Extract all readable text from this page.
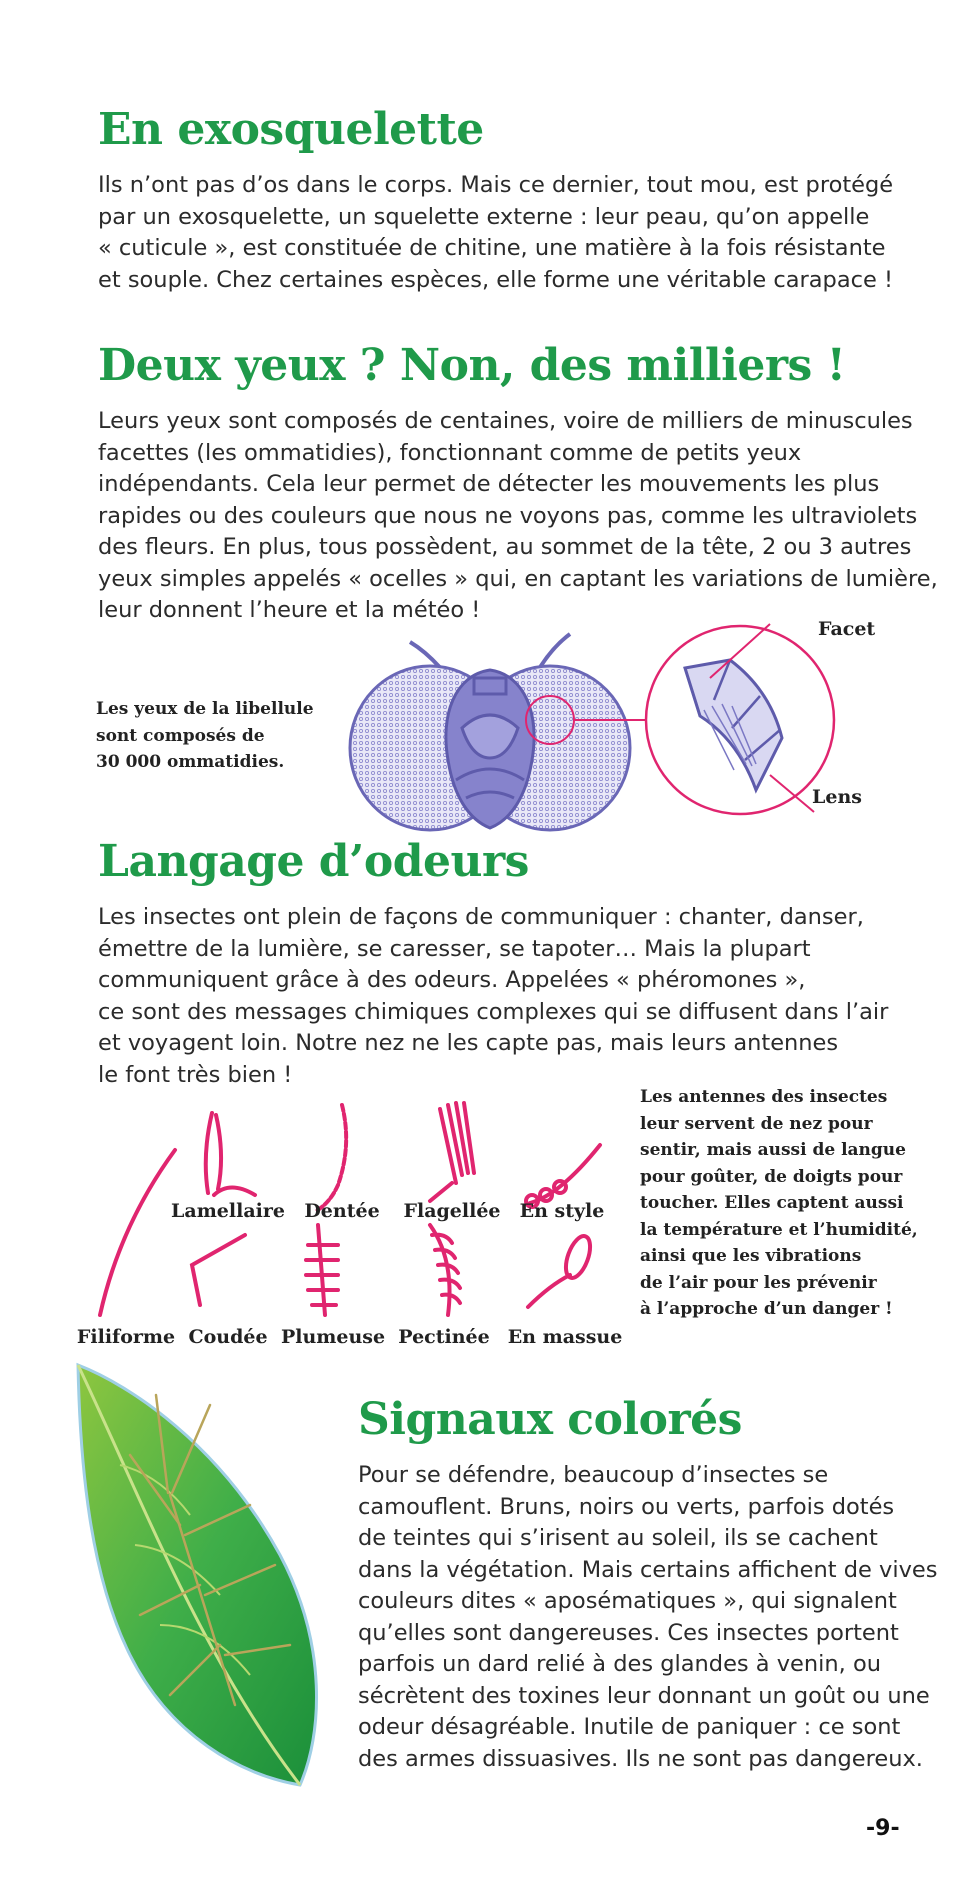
En exosquelette
Ils n’ont pas d’os dans le corps. Mais ce dernier, tout mou, est protégé
par un exosquelette, un squelette externe : leur peau, qu’on appelle
« cuticule », est constituée de chitine, une matière à la fois résistante
et souple. Chez certaines espèces, elle forme une véritable carapace !
Deux yeux ? Non, des milliers !
Leurs yeux sont composés de centaines, voire de milliers de minuscules
facettes (les ommatidies), fonctionnant comme de petits yeux
indépendants. Cela leur permet de détecter les mouvements les plus
rapides ou des couleurs que nous ne voyons pas, comme les ultraviolets
des fleurs. En plus, tous possèdent, au sommet de la tête, 2 ou 3 autres
yeux simples appelés « ocelles » qui, en captant les variations de lumière,
leur donnent l’heure et la météo !
Les yeux de la libellule
sont composés de
30 000 ommatidies.
Facet
Lens
Langage d’odeurs
Les insectes ont plein de façons de communiquer : chanter, danser,
émettre de la lumière, se caresser, se tapoter… Mais la plupart
communiquent grâce à des odeurs. Appelées « phéromones »,
ce sont des messages chimiques complexes qui se diffusent dans l’air
et voyagent loin. Notre nez ne les capte pas, mais leurs antennes
le font très bien !
Lamellaire Dentée Flagellée En style
Filiforme Coudée Plumeuse Pectinée En massue
Les antennes des insectes
leur servent de nez pour
sentir, mais aussi de langue
pour goûter, de doigts pour
toucher. Elles captent aussi
la température et l’humidité,
ainsi que les vibrations
de l’air pour les prévenir
à l’approche d’un danger !
Signaux colorés
Pour se défendre, beaucoup d’insectes se
camouflent. Bruns, noirs ou verts, parfois dotés
de teintes qui s’irisent au soleil, ils se cachent
dans la végétation. Mais certains affichent de vives
couleurs dites « aposématiques », qui signalent
qu’elles sont dangereuses. Ces insectes portent
parfois un dard relié à des glandes à venin, ou
sécrètent des toxines leur donnant un goût ou une
odeur désagréable. Inutile de paniquer : ce sont
des armes dissuasives. Ils ne sont pas dangereux.
-9-
